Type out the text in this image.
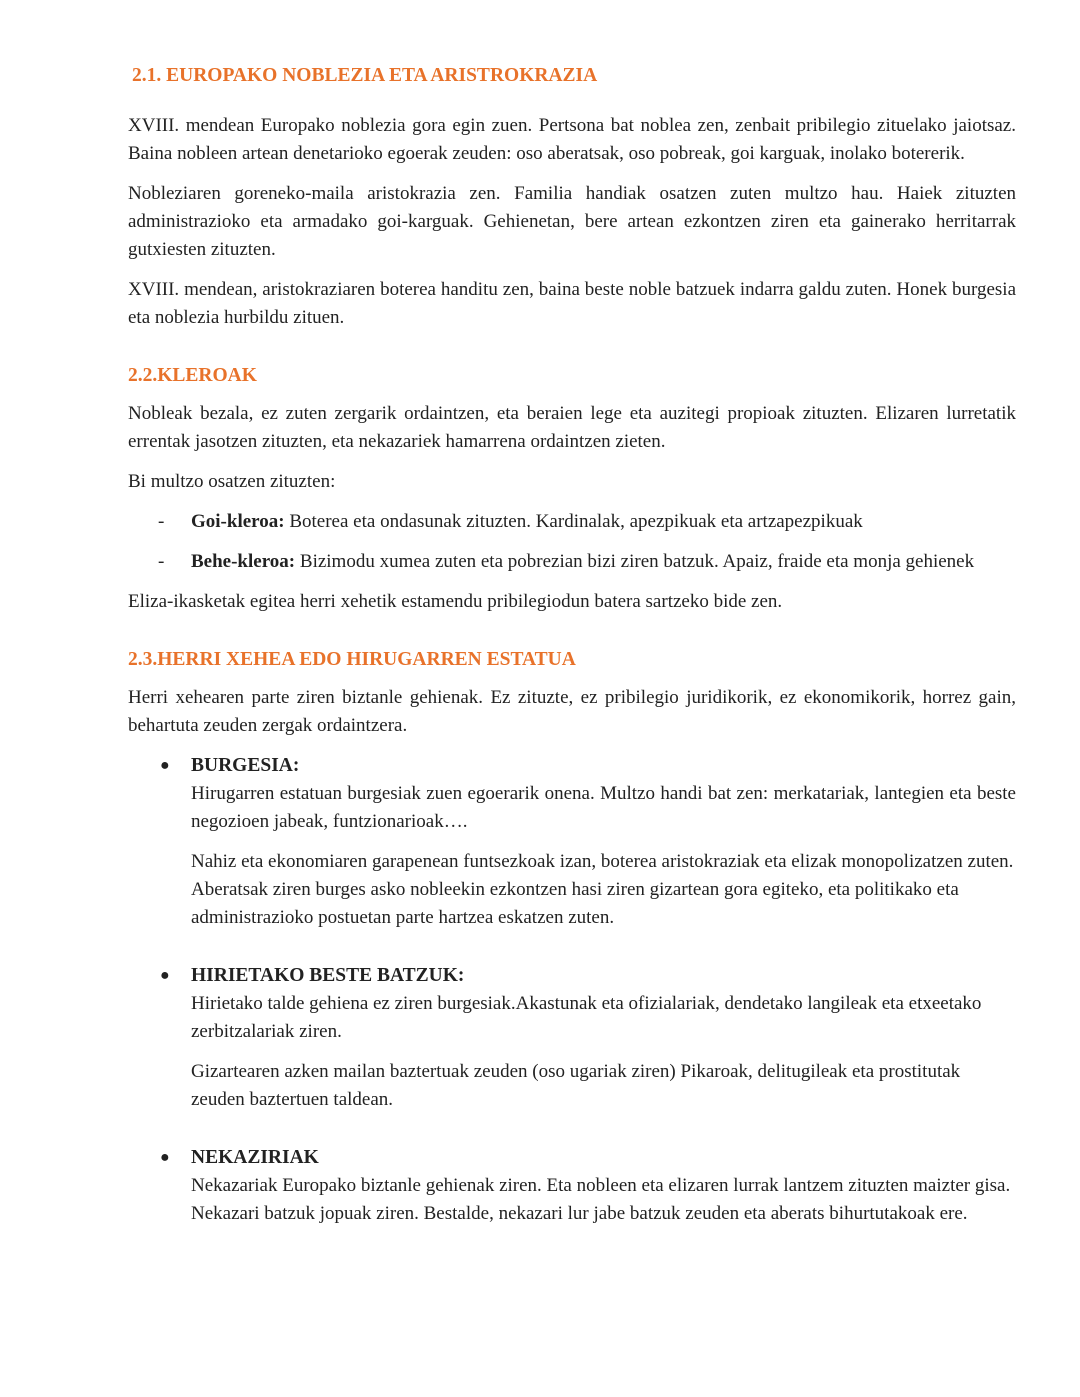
2.1. EUROPAKO NOBLEZIA ETA ARISTROKRAZIA

XVIII. mendean Europako noblezia gora egin zuen. Pertsona bat noblea zen, zenbait pribilegio zituelako jaiotsaz. Baina nobleen artean denetarioko egoerak zeuden: oso aberatsak, oso pobreak, goi karguak, inolako botererik.

Nobleziaren goreneko-maila aristokrazia zen. Familia handiak osatzen zuten multzo hau. Haiek zituzten administrazioko eta armadako goi-karguak. Gehienetan, bere artean ezkontzen ziren eta gainerako herritarrak gutxiesten zituzten.

XVIII. mendean, aristokraziaren boterea handitu zen, baina beste noble batzuek indarra galdu zuten. Honek burgesia eta noblezia hurbildu zituen.

2.2.KLEROAK

Nobleak bezala, ez zuten zergarik ordaintzen, eta beraien lege eta auzitegi propioak zituzten. Elizaren lurretatik errentak jasotzen zituzten, eta nekazariek hamarrena ordaintzen zieten.

Bi multzo osatzen zituzten:

- Goi-kleroa: Boterea eta ondasunak zituzten. Kardinalak, apezpikuak eta artzapezpikuak

- Behe-kleroa: Bizimodu xumea zuten eta pobrezian bizi ziren batzuk. Apaiz, fraide eta monja gehienek

Eliza-ikasketak egitea herri xehetik estamendu pribilegiodun batera sartzeko bide zen.

2.3.HERRI XEHEA EDO HIRUGARREN ESTATUA

Herri xehearen parte ziren biztanle gehienak. Ez zituzte, ez pribilegio juridikorik, ez ekonomikorik, horrez gain, behartuta zeuden zergak ordaintzera.

● BURGESIA:

Hirugarren estatuan burgesiak zuen egoerarik onena. Multzo handi bat zen: merkatariak, lantegien eta beste negozioen jabeak, funtzionarioak….

Nahiz eta ekonomiaren garapenean funtsezkoak izan, boterea aristokraziak eta elizak monopolizatzen zuten. Aberatsak ziren burges asko nobleekin ezkontzen hasi ziren gizartean gora egiteko, eta politikako eta administrazioko postuetan parte hartzea eskatzen zuten.

● HIRIETAKO BESTE BATZUK:

Hirietako talde gehiena ez ziren burgesiak.Akastunak eta ofizialariak, dendetako langileak eta etxeetako zerbitzalariak ziren.

Gizartearen azken mailan baztertuak zeuden (oso ugariak ziren) Pikaroak, delitugileak eta prostitutak zeuden baztertuen taldean.

● NEKAZIRIAK

Nekazariak Europako biztanle gehienak ziren. Eta nobleen eta elizaren lurrak lantzem zituzten maizter gisa. Nekazari batzuk jopuak ziren. Bestalde, nekazari lur jabe batzuk zeuden eta aberats bihurtutakoak ere.
